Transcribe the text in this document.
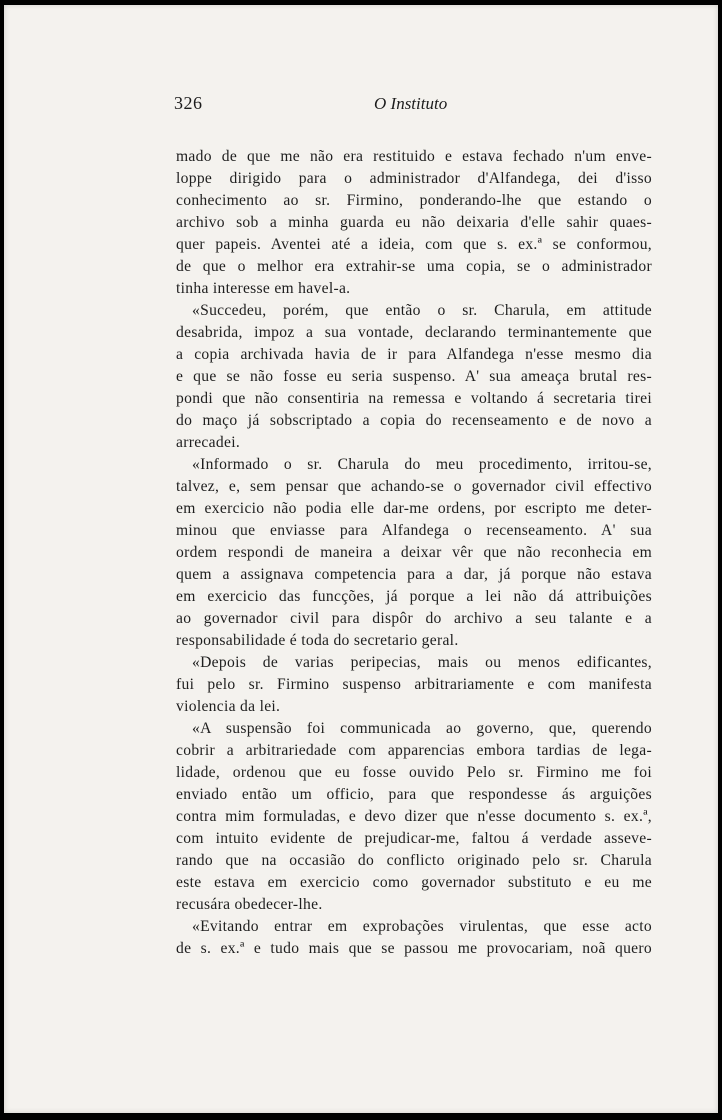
326	O Instituto
mado de que me não era restituido e estava fechado n'um enve-
loppe dirigido para o administrador d'Alfandega, dei d'isso
conhecimento ao sr. Firmino, ponderando-lhe que estando o
archivo sob a minha guarda eu não deixaria d'elle sahir quaes-
quer papeis. Aventei até a ideia, com que s. ex.ª se conformou,
de que o melhor era extrahir-se uma copia, se o administrador
tinha interesse em havel-a.
«Succedeu, porém, que então o sr. Charula, em attitude
desabrida, impoz a sua vontade, declarando terminantemente que
a copia archivada havia de ir para Alfandega n'esse mesmo dia
e que se não fosse eu seria suspenso. A' sua ameaça brutal res-
pondi que não consentiria na remessa e voltando á secretaria tirei
do maço já sobscriptado a copia do recenseamento e de novo a
arrecadei.
«Informado o sr. Charula do meu procedimento, irritou-se,
talvez, e, sem pensar que achando-se o governador civil effectivo
em exercicio não podia elle dar-me ordens, por escripto me deter-
minou que enviasse para Alfandega o recenseamento. A' sua
ordem respondi de maneira a deixar vêr que não reconhecia em
quem a assignava competencia para a dar, já porque não estava
em exercicio das funcções, já porque a lei não dá attribuições
ao governador civil para dispôr do archivo a seu talante e a
responsabilidade é toda do secretario geral.
«Depois de varias peripecias, mais ou menos edificantes,
fui pelo sr. Firmino suspenso arbitrariamente e com manifesta
violencia da lei.
«A suspensão foi communicada ao governo, que, querendo
cobrir a arbitrariedade com apparencias embora tardias de lega-
lidade, ordenou que eu fosse ouvido Pelo sr. Firmino me foi
enviado então um officio, para que respondesse ás arguições
contra mim formuladas, e devo dizer que n'esse documento s. ex.ª,
com intuito evidente de prejudicar-me, faltou á verdade asseve-
rando que na occasião do conflicto originado pelo sr. Charula
este estava em exercicio como governador substituto e eu me
recusára obedecer-lhe.
«Evitando entrar em exprobações virulentas, que esse acto
de s. ex.ª e tudo mais que se passou me provocariam, noã quero
